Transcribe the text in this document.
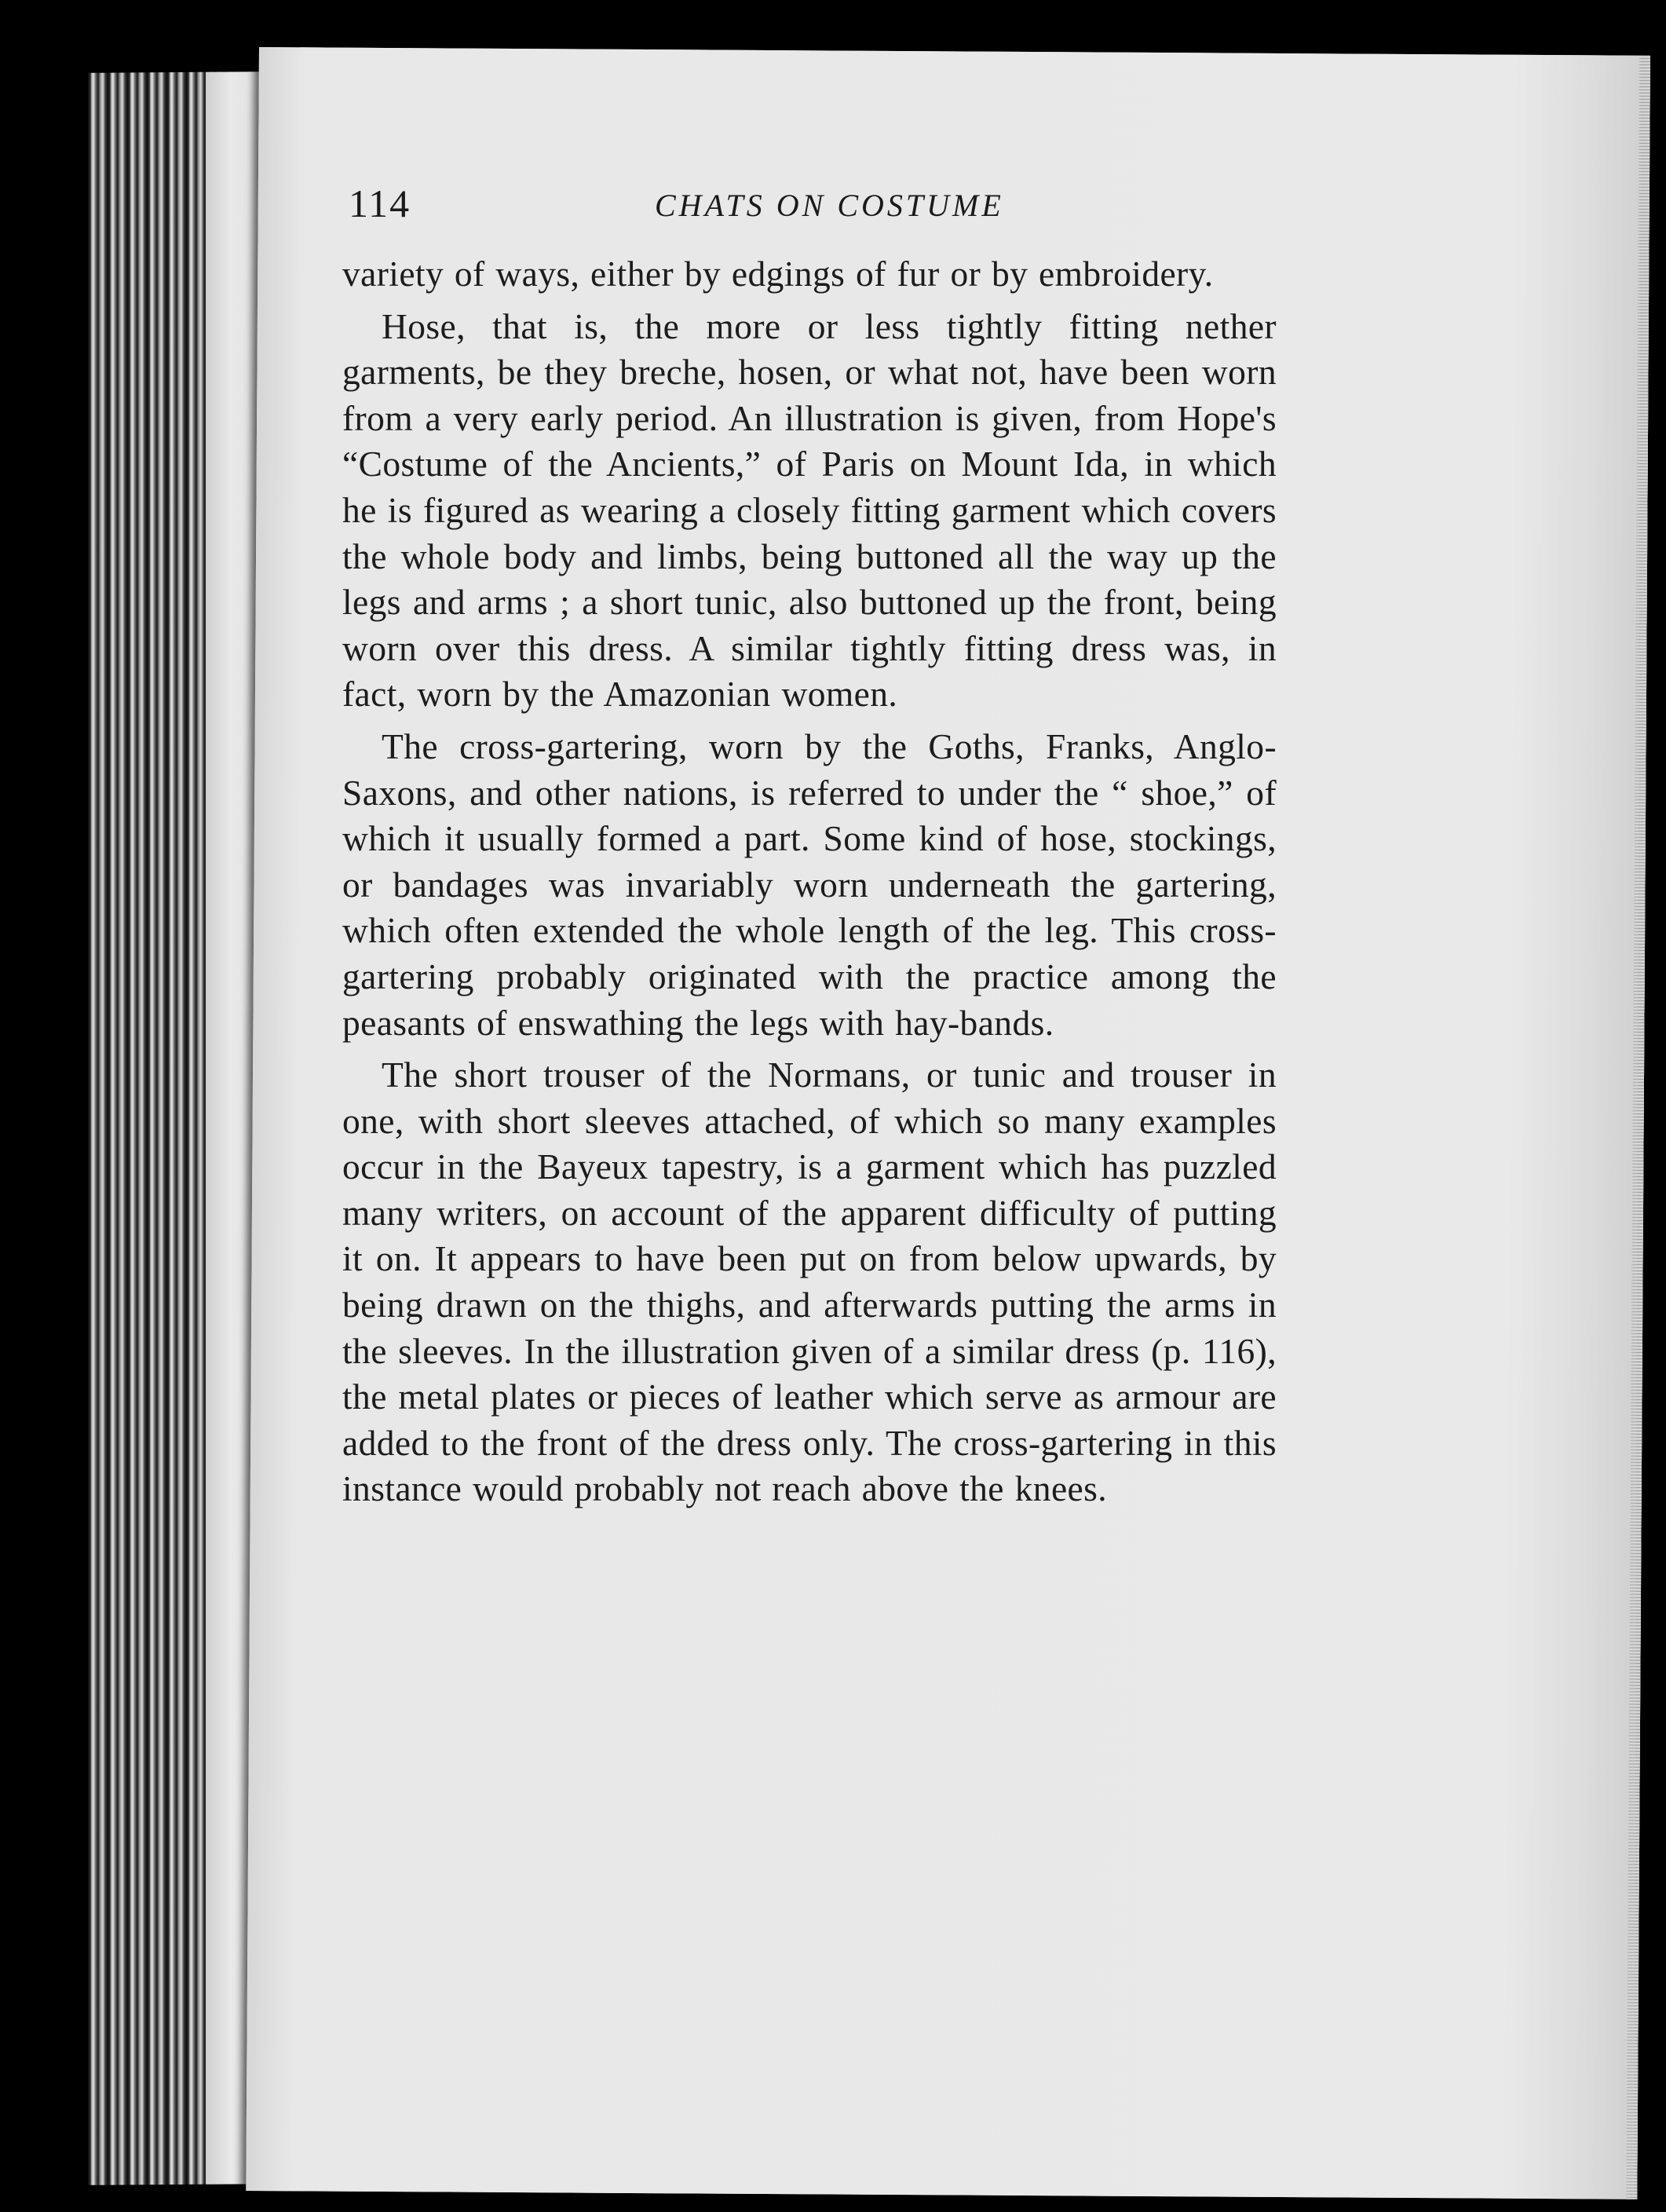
114	CHATS ON COSTUME

variety of ways, either by edgings of fur or by embroidery.

Hose, that is, the more or less tightly fitting nether garments, be they breche, hosen, or what not, have been worn from a very early period. An illustration is given, from Hope's “Costume of the Ancients,” of Paris on Mount Ida, in which he is figured as wearing a closely fitting garment which covers the whole body and limbs, being buttoned all the way up the legs and arms ; a short tunic, also buttoned up the front, being worn over this dress. A similar tightly fitting dress was, in fact, worn by the Amazonian women.

The cross-gartering, worn by the Goths, Franks, Anglo-Saxons, and other nations, is referred to under the “ shoe,” of which it usually formed a part. Some kind of hose, stockings, or bandages was invariably worn underneath the gartering, which often extended the whole length of the leg. This cross-gartering probably originated with the practice among the peasants of enswathing the legs with hay-bands.

The short trouser of the Normans, or tunic and trouser in one, with short sleeves attached, of which so many examples occur in the Bayeux tapestry, is a garment which has puzzled many writers, on account of the apparent difficulty of putting it on. It appears to have been put on from below upwards, by being drawn on the thighs, and afterwards putting the arms in the sleeves. In the illustration given of a similar dress (p. 116), the metal plates or pieces of leather which serve as armour are added to the front of the dress only. The cross-gartering in this instance would probably not reach above the knees.
